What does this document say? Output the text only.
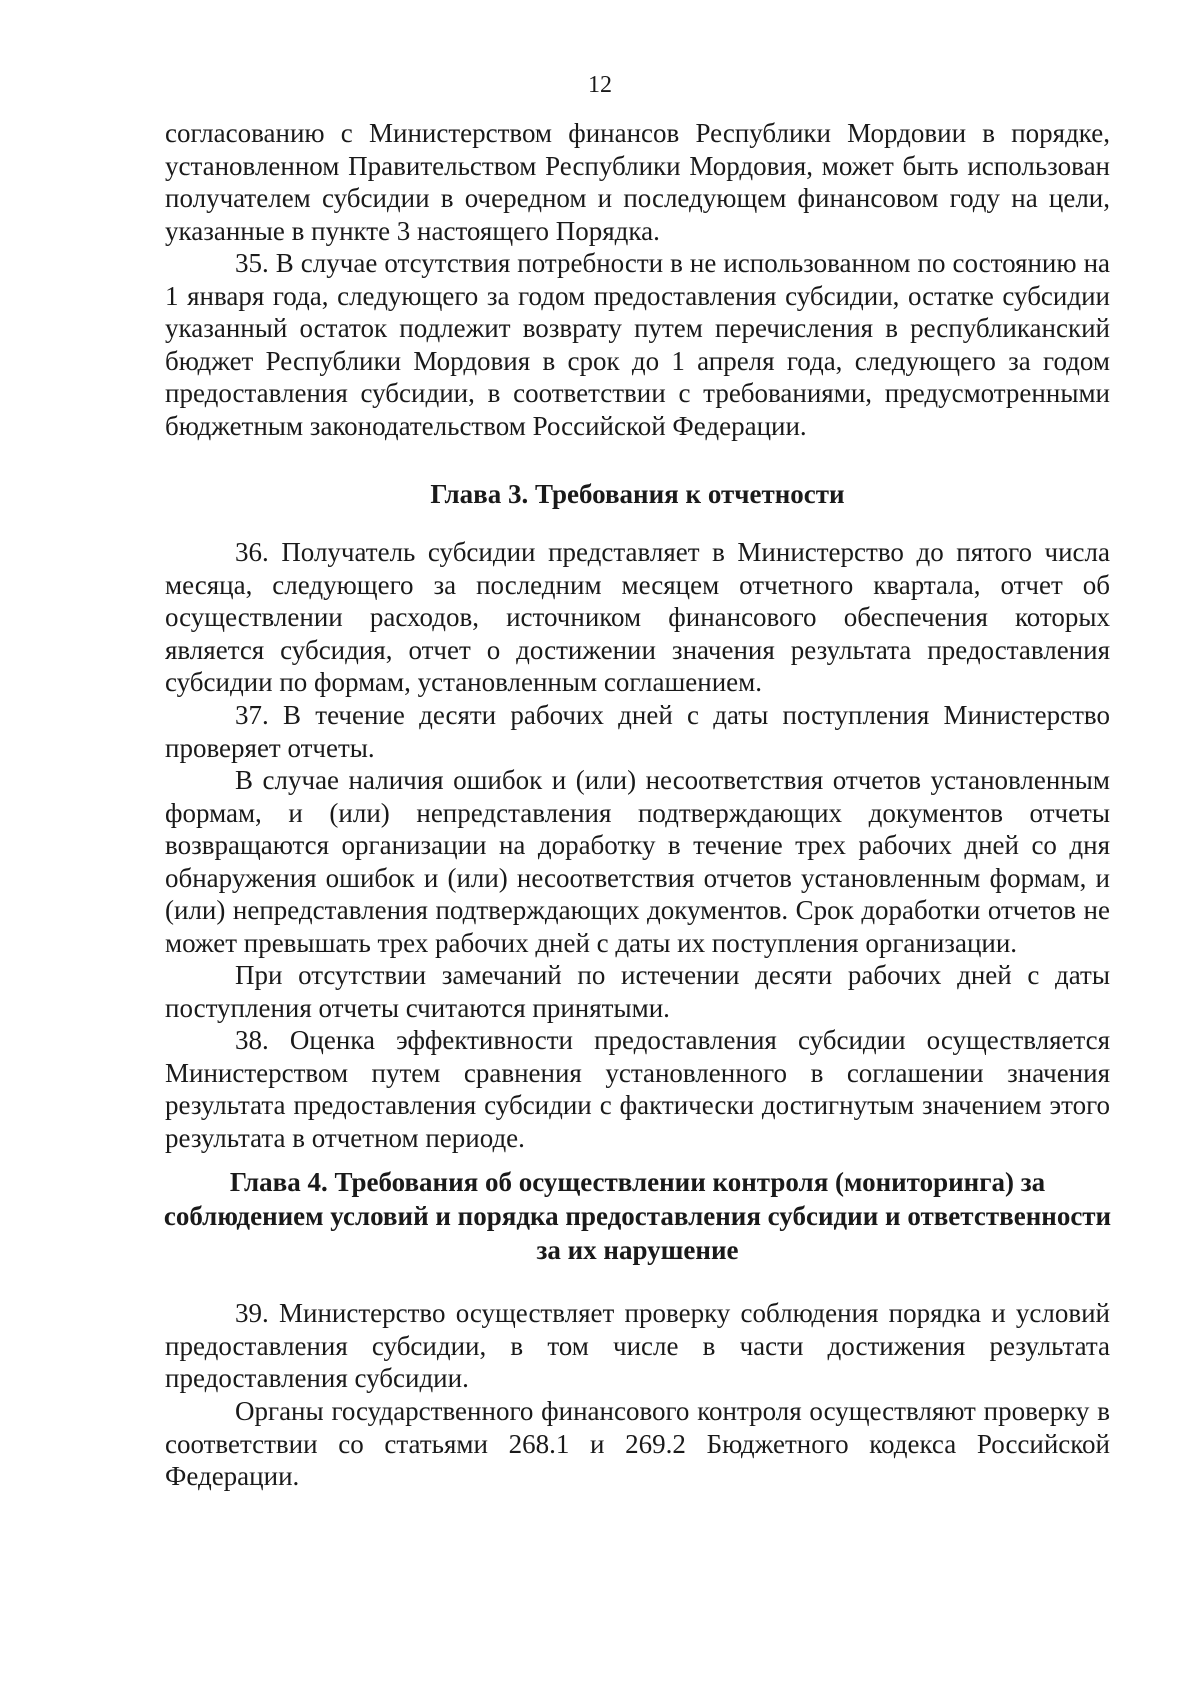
12

согласованию с Министерством финансов Республики Мордовии в порядке, установленном Правительством Республики Мордовия, может быть использован получателем субсидии в очередном и последующем финансовом году на цели, указанные в пункте 3 настоящего Порядка.

35. В случае отсутствия потребности в не использованном по состоянию на 1 января года, следующего за годом предоставления субсидии, остатке субсидии указанный остаток подлежит возврату путем перечисления в республиканский бюджет Республики Мордовия в срок до 1 апреля года, следующего за годом предоставления субсидии, в соответствии с требованиями, предусмотренными бюджетным законодательством Российской Федерации.

Глава 3. Требования к отчетности

36. Получатель субсидии представляет в Министерство до пятого числа месяца, следующего за последним месяцем отчетного квартала, отчет об осуществлении расходов, источником финансового обеспечения которых является субсидия, отчет о достижении значения результата предоставления субсидии по формам, установленным соглашением.

37. В течение десяти рабочих дней с даты поступления Министерство проверяет отчеты.

В случае наличия ошибок и (или) несоответствия отчетов установленным формам, и (или) непредставления подтверждающих документов отчеты возвращаются организации на доработку в течение трех рабочих дней со дня обнаружения ошибок и (или) несоответствия отчетов установленным формам, и (или) непредставления подтверждающих документов. Срок доработки отчетов не может превышать трех рабочих дней с даты их поступления организации.

При отсутствии замечаний по истечении десяти рабочих дней с даты поступления отчеты считаются принятыми.

38. Оценка эффективности предоставления субсидии осуществляется Министерством путем сравнения установленного в соглашении значения результата предоставления субсидии с фактически достигнутым значением этого результата в отчетном периоде.

Глава 4. Требования об осуществлении контроля (мониторинга) за соблюдением условий и порядка предоставления субсидии и ответственности за их нарушение

39. Министерство осуществляет проверку соблюдения порядка и условий предоставления субсидии, в том числе в части достижения результата предоставления субсидии.

Органы государственного финансового контроля осуществляют проверку в соответствии со статьями 268.1 и 269.2 Бюджетного кодекса Российской Федерации.
